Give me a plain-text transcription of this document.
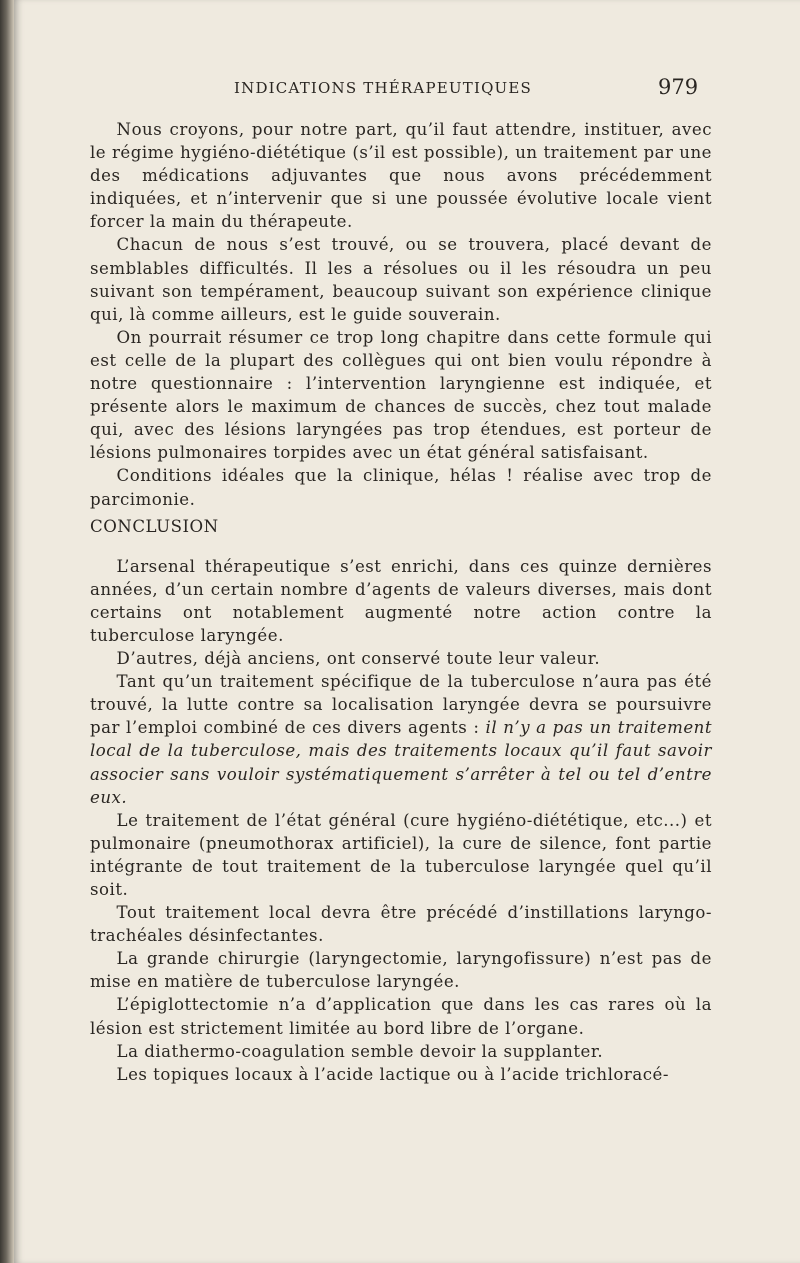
INDICATIONS THÉRAPEUTIQUES	979

Nous croyons, pour notre part, qu’il faut attendre, instituer, avec le régime hygiéno-diététique (s’il est possible), un traitement par une des médications adjuvantes que nous avons précédemment indiquées, et n’intervenir que si une poussée évolutive locale vient forcer la main du thérapeute.

Chacun de nous s’est trouvé, ou se trouvera, placé devant de semblables difficultés. Il les a résolues ou il les résoudra un peu suivant son tempérament, beaucoup suivant son expérience clinique qui, là comme ailleurs, est le guide souverain.

On pourrait résumer ce trop long chapitre dans cette formule qui est celle de la plupart des collègues qui ont bien voulu répondre à notre questionnaire : l’intervention laryngienne est indiquée, et présente alors le maximum de chances de succès, chez tout malade qui, avec des lésions laryngées pas trop étendues, est porteur de lésions pulmonaires torpides avec un état général satisfaisant.

Conditions idéales que la clinique, hélas ! réalise avec trop de parcimonie.

CONCLUSION

L’arsenal thérapeutique s’est enrichi, dans ces quinze dernières années, d’un certain nombre d’agents de valeurs diverses, mais dont certains ont notablement augmenté notre action contre la tuberculose laryngée.

D’autres, déjà anciens, ont conservé toute leur valeur.

Tant qu’un traitement spécifique de la tuberculose n’aura pas été trouvé, la lutte contre sa localisation laryngée devra se poursuivre par l’emploi combiné de ces divers agents : il n’y a pas un traitement local de la tuberculose, mais des traitements locaux qu’il faut savoir associer sans vouloir systématiquement s’arrêter à tel ou tel d’entre eux.

Le traitement de l’état général (cure hygiéno-diététique, etc...) et pulmonaire (pneumothorax artificiel), la cure de silence, font partie intégrante de tout traitement de la tuberculose laryngée quel qu’il soit.

Tout traitement local devra être précédé d’instillations laryngo-trachéales désinfectantes.

La grande chirurgie (laryngectomie, laryngofissure) n’est pas de mise en matière de tuberculose laryngée.

L’épiglottectomie n’a d’application que dans les cas rares où la lésion est strictement limitée au bord libre de l’organe.

La diathermo-coagulation semble devoir la supplanter.

Les topiques locaux à l’acide lactique ou à l’acide trichloracé-
